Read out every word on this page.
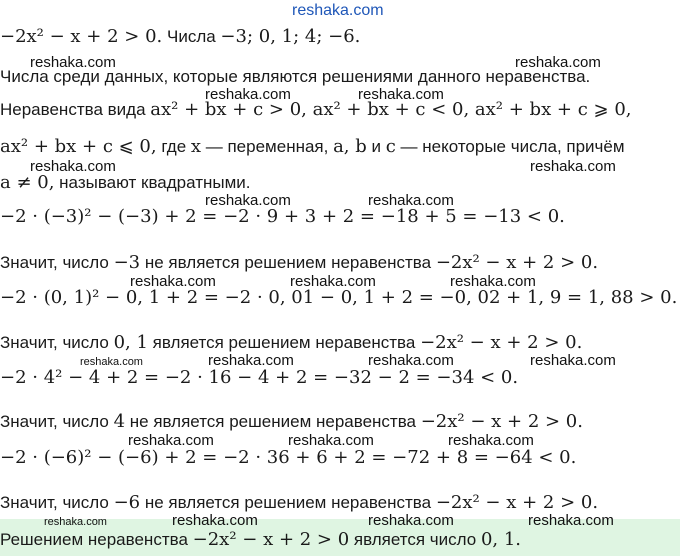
reshaka.com
reshaka.com	reshaka.com
reshaka.com	reshaka.com
reshaka.com	reshaka.com
reshaka.com	reshaka.com
reshaka.com	reshaka.com	reshaka.com
reshaka.com	reshaka.com	reshaka.com	reshaka.com
reshaka.com	reshaka.com	reshaka.com
reshaka.com	reshaka.com	reshaka.com	reshaka.com
−2x² − x + 2 > 0. Числа −3; 0, 1; 4; −6.
Числа среди данных, которые являются решениями данного неравенства.
Неравенства вида ax² + bx + c > 0, ax² + bx + c < 0, ax² + bx + c ⩾ 0,
ax² + bx + c ⩽ 0, где x — переменная, a, b и c — некоторые числа, причём
a ≠ 0, называют квадратными.
−2 · (−3)² − (−3) + 2 = −2 · 9 + 3 + 2 = −18 + 5 = −13 < 0.
Значит, число −3 не является решением неравенства −2x² − x + 2 > 0.
−2 · (0, 1)² − 0, 1 + 2 = −2 · 0, 01 − 0, 1 + 2 = −0, 02 + 1, 9 = 1, 88 > 0.
Значит, число 0, 1 является решением неравенства −2x² − x + 2 > 0.
−2 · 4² − 4 + 2 = −2 · 16 − 4 + 2 = −32 − 2 = −34 < 0.
Значит, число 4 не является решением неравенства −2x² − x + 2 > 0.
−2 · (−6)² − (−6) + 2 = −2 · 36 + 6 + 2 = −72 + 8 = −64 < 0.
Значит, число −6 не является решением неравенства −2x² − x + 2 > 0.
Решением неравенства −2x² − x + 2 > 0 является число 0, 1.
